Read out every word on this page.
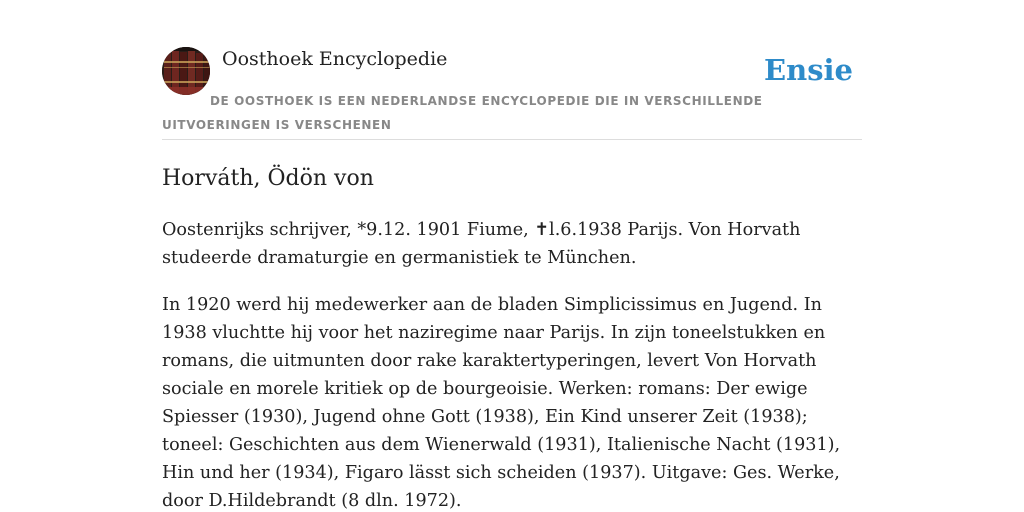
Oosthoek Encyclopedie	Ensie
DE OOSTHOEK IS EEN NEDERLANDSE ENCYCLOPEDIE DIE IN VERSCHILLENDE UITVOERINGEN IS VERSCHENEN
Horváth, Ödön von

Oostenrijks schrijver, *9.12. 1901 Fiume, ✝l.6.1938 Parijs. Von Horvath studeerde dramaturgie en germanistiek te München.

In 1920 werd hij medewerker aan de bladen Simplicissimus en Jugend. In 1938 vluchtte hij voor het naziregime naar Parijs. In zijn toneelstukken en romans, die uitmunten door rake karaktertyperingen, levert Von Horvath sociale en morele kritiek op de bourgeoisie. Werken: romans: Der ewige Spiesser (1930), Jugend ohne Gott (1938), Ein Kind unserer Zeit (1938); toneel: Geschichten aus dem Wienerwald (1931), Italienische Nacht (1931), Hin und her (1934), Figaro lässt sich scheiden (1937). Uitgave: Ges. Werke, door D.Hildebrandt (8 dln. 1972).
